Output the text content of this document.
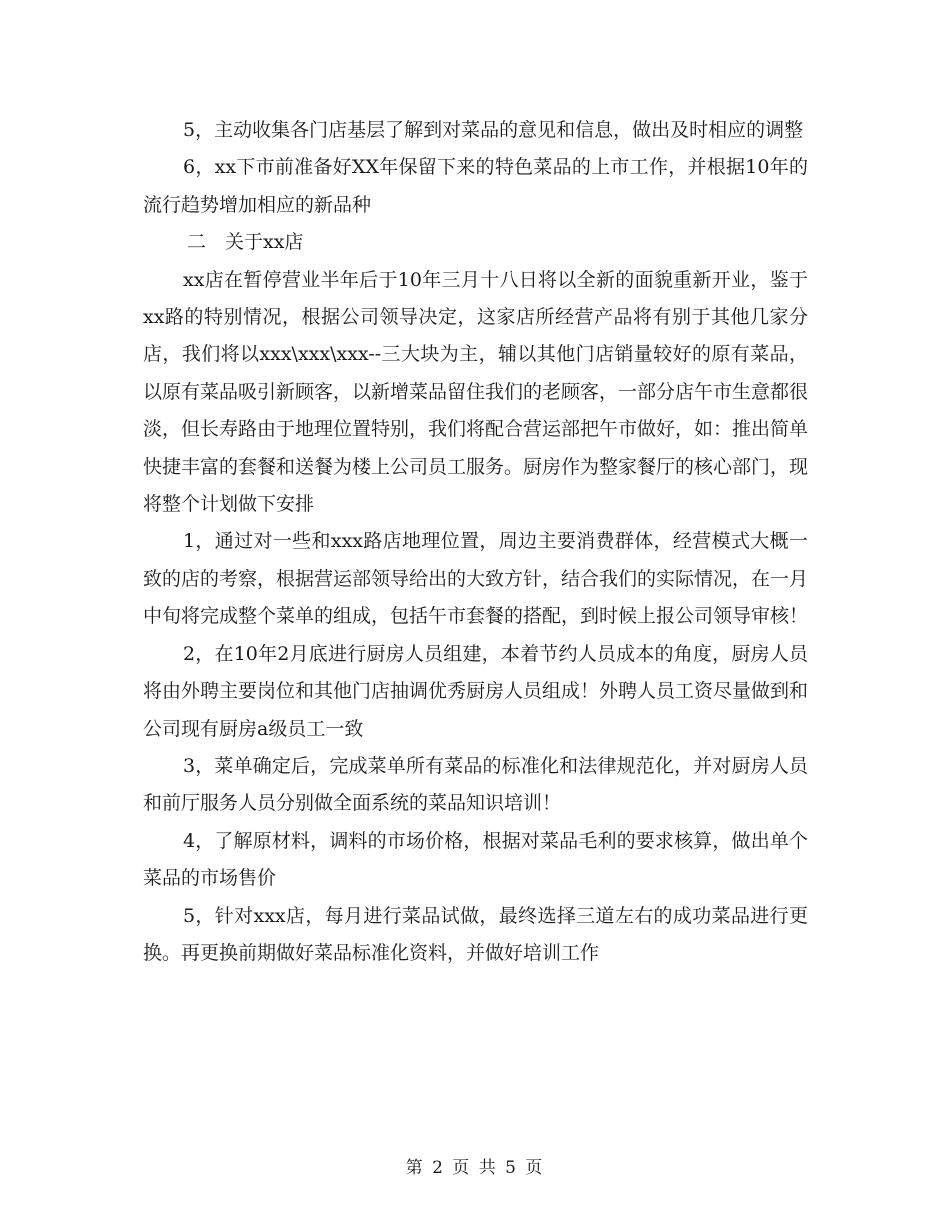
5，主动收集各门店基层了解到对菜品的意见和信息，做出及时相应的调整

6，xx下市前准备好XX年保留下来的特色菜品的上市工作，并根据10年的流行趋势增加相应的新品种

二　关于xx店

xx店在暂停营业半年后于10年三月十八日将以全新的面貌重新开业，鉴于xx路的特别情况，根据公司领导决定，这家店所经营产品将有别于其他几家分店，我们将以xxx\xxx\xxx--三大块为主，辅以其他门店销量较好的原有菜品，以原有菜品吸引新顾客，以新增菜品留住我们的老顾客，一部分店午市生意都很淡，但长寿路由于地理位置特别，我们将配合营运部把午市做好，如：推出简单快捷丰富的套餐和送餐为楼上公司员工服务。厨房作为整家餐厅的核心部门，现将整个计划做下安排

1，通过对一些和xxx路店地理位置，周边主要消费群体，经营模式大概一致的店的考察，根据营运部领导给出的大致方针，结合我们的实际情况，在一月中旬将完成整个菜单的组成，包括午市套餐的搭配，到时候上报公司领导审核！

2，在10年2月底进行厨房人员组建，本着节约人员成本的角度，厨房人员将由外聘主要岗位和其他门店抽调优秀厨房人员组成！外聘人员工资尽量做到和公司现有厨房a级员工一致

3，菜单确定后，完成菜单所有菜品的标准化和法律规范化，并对厨房人员和前厅服务人员分别做全面系统的菜品知识培训！

4，了解原材料，调料的市场价格，根据对菜品毛利的要求核算，做出单个菜品的市场售价

5，针对xxx店，每月进行菜品试做，最终选择三道左右的成功菜品进行更换。再更换前期做好菜品标准化资料，并做好培训工作

第 2 页 共 5 页
